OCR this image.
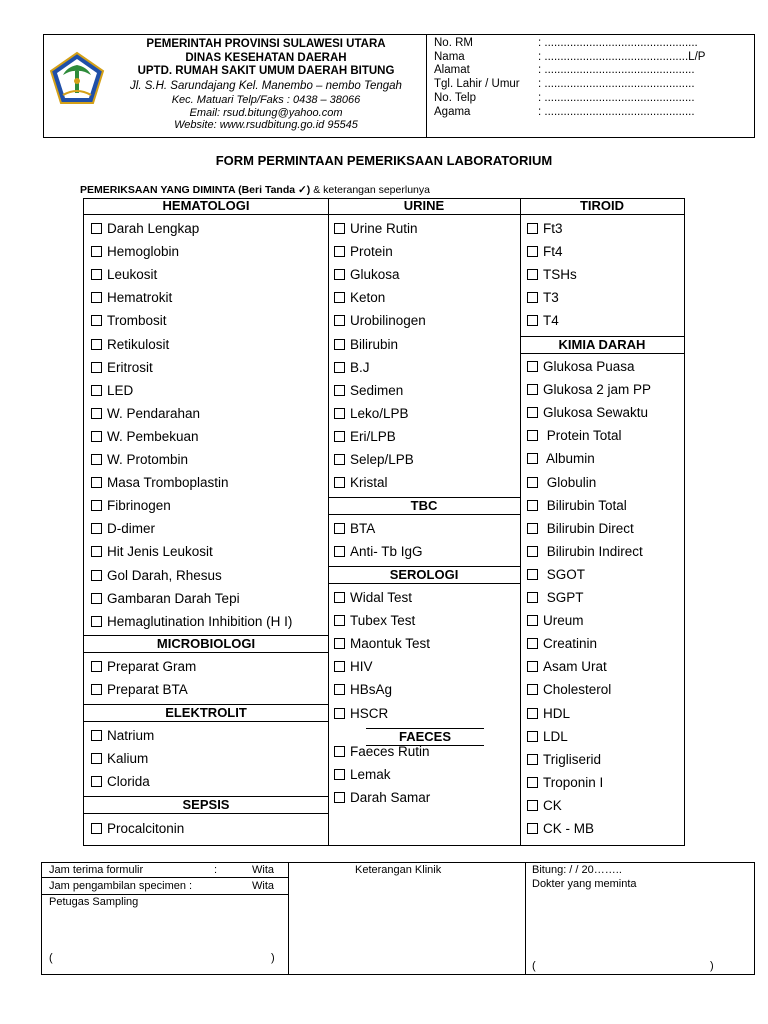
PEMERINTAH PROVINSI SULAWESI UTARA
DINAS KESEHATAN DAERAH
UPTD. RUMAH SAKIT UMUM DAERAH BITUNG
Jl. S.H. Sarundajang Kel. Manembo – nembo Tengah
Kec. Matuari Telp/Faks : 0438 – 38066
Email: rsud.bitung@yahoo.com
Website: www.rsudbitung.go.id 95545
No. RM	: ................................................
Nama	: .............................................L/P
Alamat	: ...............................................
Tgl. Lahir / Umur : ...............................................
No. Telp	: ...............................................
Agama	: ...............................................
FORM PERMINTAAN PEMERIKSAAN LABORATORIUM
PEMERIKSAAN YANG DIMINTA (Beri Tanda ✓) & keterangan seperlunya
HEMATOLOGI
Darah Lengkap
Hemoglobin
Leukosit
Hematrokit
Trombosit
Retikulosit
Eritrosit
LED
W. Pendarahan
W. Pembekuan
W. Protombin
Masa Tromboplastin
Fibrinogen
D-dimer
Hit Jenis Leukosit
Gol Darah, Rhesus
Gambaran Darah Tepi
Hemaglutination Inhibition (H I)
MICROBIOLOGI
Preparat Gram
Preparat BTA
ELEKTROLIT
Natrium
Kalium
Clorida
SEPSIS
Procalcitonin
URINE
Urine Rutin
Protein
Glukosa
Keton
Urobilinogen
Bilirubin
B.J
Sedimen
Leko/LPB
Eri/LPB
Selep/LPB
Kristal
TBC
BTA
Anti- Tb IgG
SEROLOGI
Widal Test
Tubex Test
Maontuk Test
HIV
HBsAg
HSCR
FAECES
Faeces Rutin
Lemak
Darah Samar
TIROID
Ft3
Ft4
TSHs
T3
T4
KIMIA DARAH
Glukosa Puasa
Glukosa 2 jam PP
Glukosa Sewaktu
Protein Total
Albumin
Globulin
Bilirubin Total
Bilirubin Direct
Bilirubin Indirect
SGOT
SGPT
Ureum
Creatinin
Asam Urat
Cholesterol
HDL
LDL
Trigliserid
Troponin I
CK
CK - MB
Jam terima formulir	:	Wita
Jam pengambilan specimen :	Wita
Petugas Sampling
(	)
Keterangan Klinik	Bitung: / / 20……..
Dokter yang meminta
(	)
